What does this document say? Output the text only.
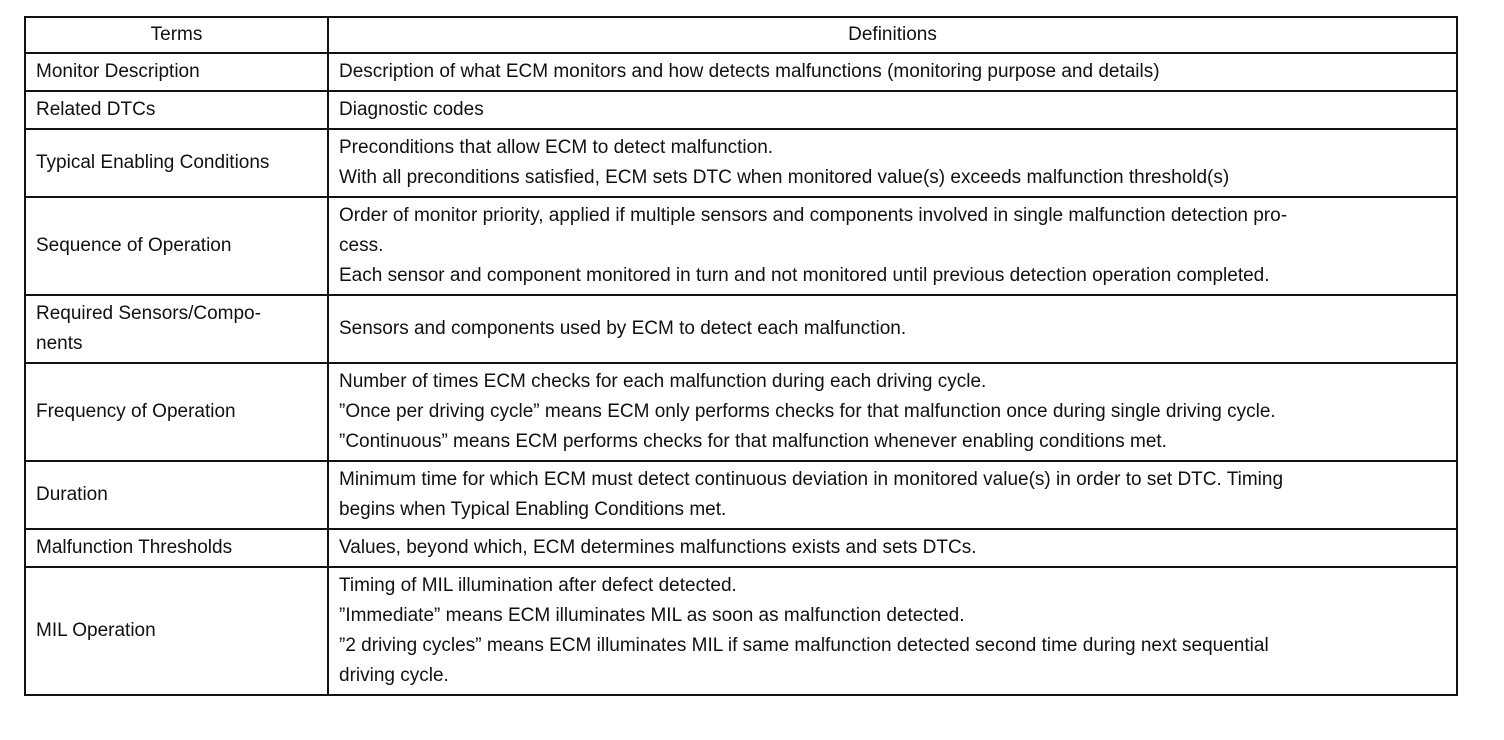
Terms	Definitions

Monitor Description	Description of what ECM monitors and how detects malfunctions (monitoring purpose and details)

Related DTCs	Diagnostic codes

Typical Enabling Conditions	Preconditions that allow ECM to detect malfunction.
With all preconditions satisfied, ECM sets DTC when monitored value(s) exceeds malfunction threshold(s)

Sequence of Operation	Order of monitor priority, applied if multiple sensors and components involved in single malfunction detection pro-
cess.
Each sensor and component monitored in turn and not monitored until previous detection operation completed.

Required Sensors/Compo-
nents	Sensors and components used by ECM to detect each malfunction.

Frequency of Operation	Number of times ECM checks for each malfunction during each driving cycle.
”Once per driving cycle” means ECM only performs checks for that malfunction once during single driving cycle.
”Continuous” means ECM performs checks for that malfunction whenever enabling conditions met.

Duration	Minimum time for which ECM must detect continuous deviation in monitored value(s) in order to set DTC. Timing
begins when Typical Enabling Conditions met.

Malfunction Thresholds	Values, beyond which, ECM determines malfunctions exists and sets DTCs.

MIL Operation	Timing of MIL illumination after defect detected.
”Immediate” means ECM illuminates MIL as soon as malfunction detected.
”2 driving cycles” means ECM illuminates MIL if same malfunction detected second time during next sequential
driving cycle.
